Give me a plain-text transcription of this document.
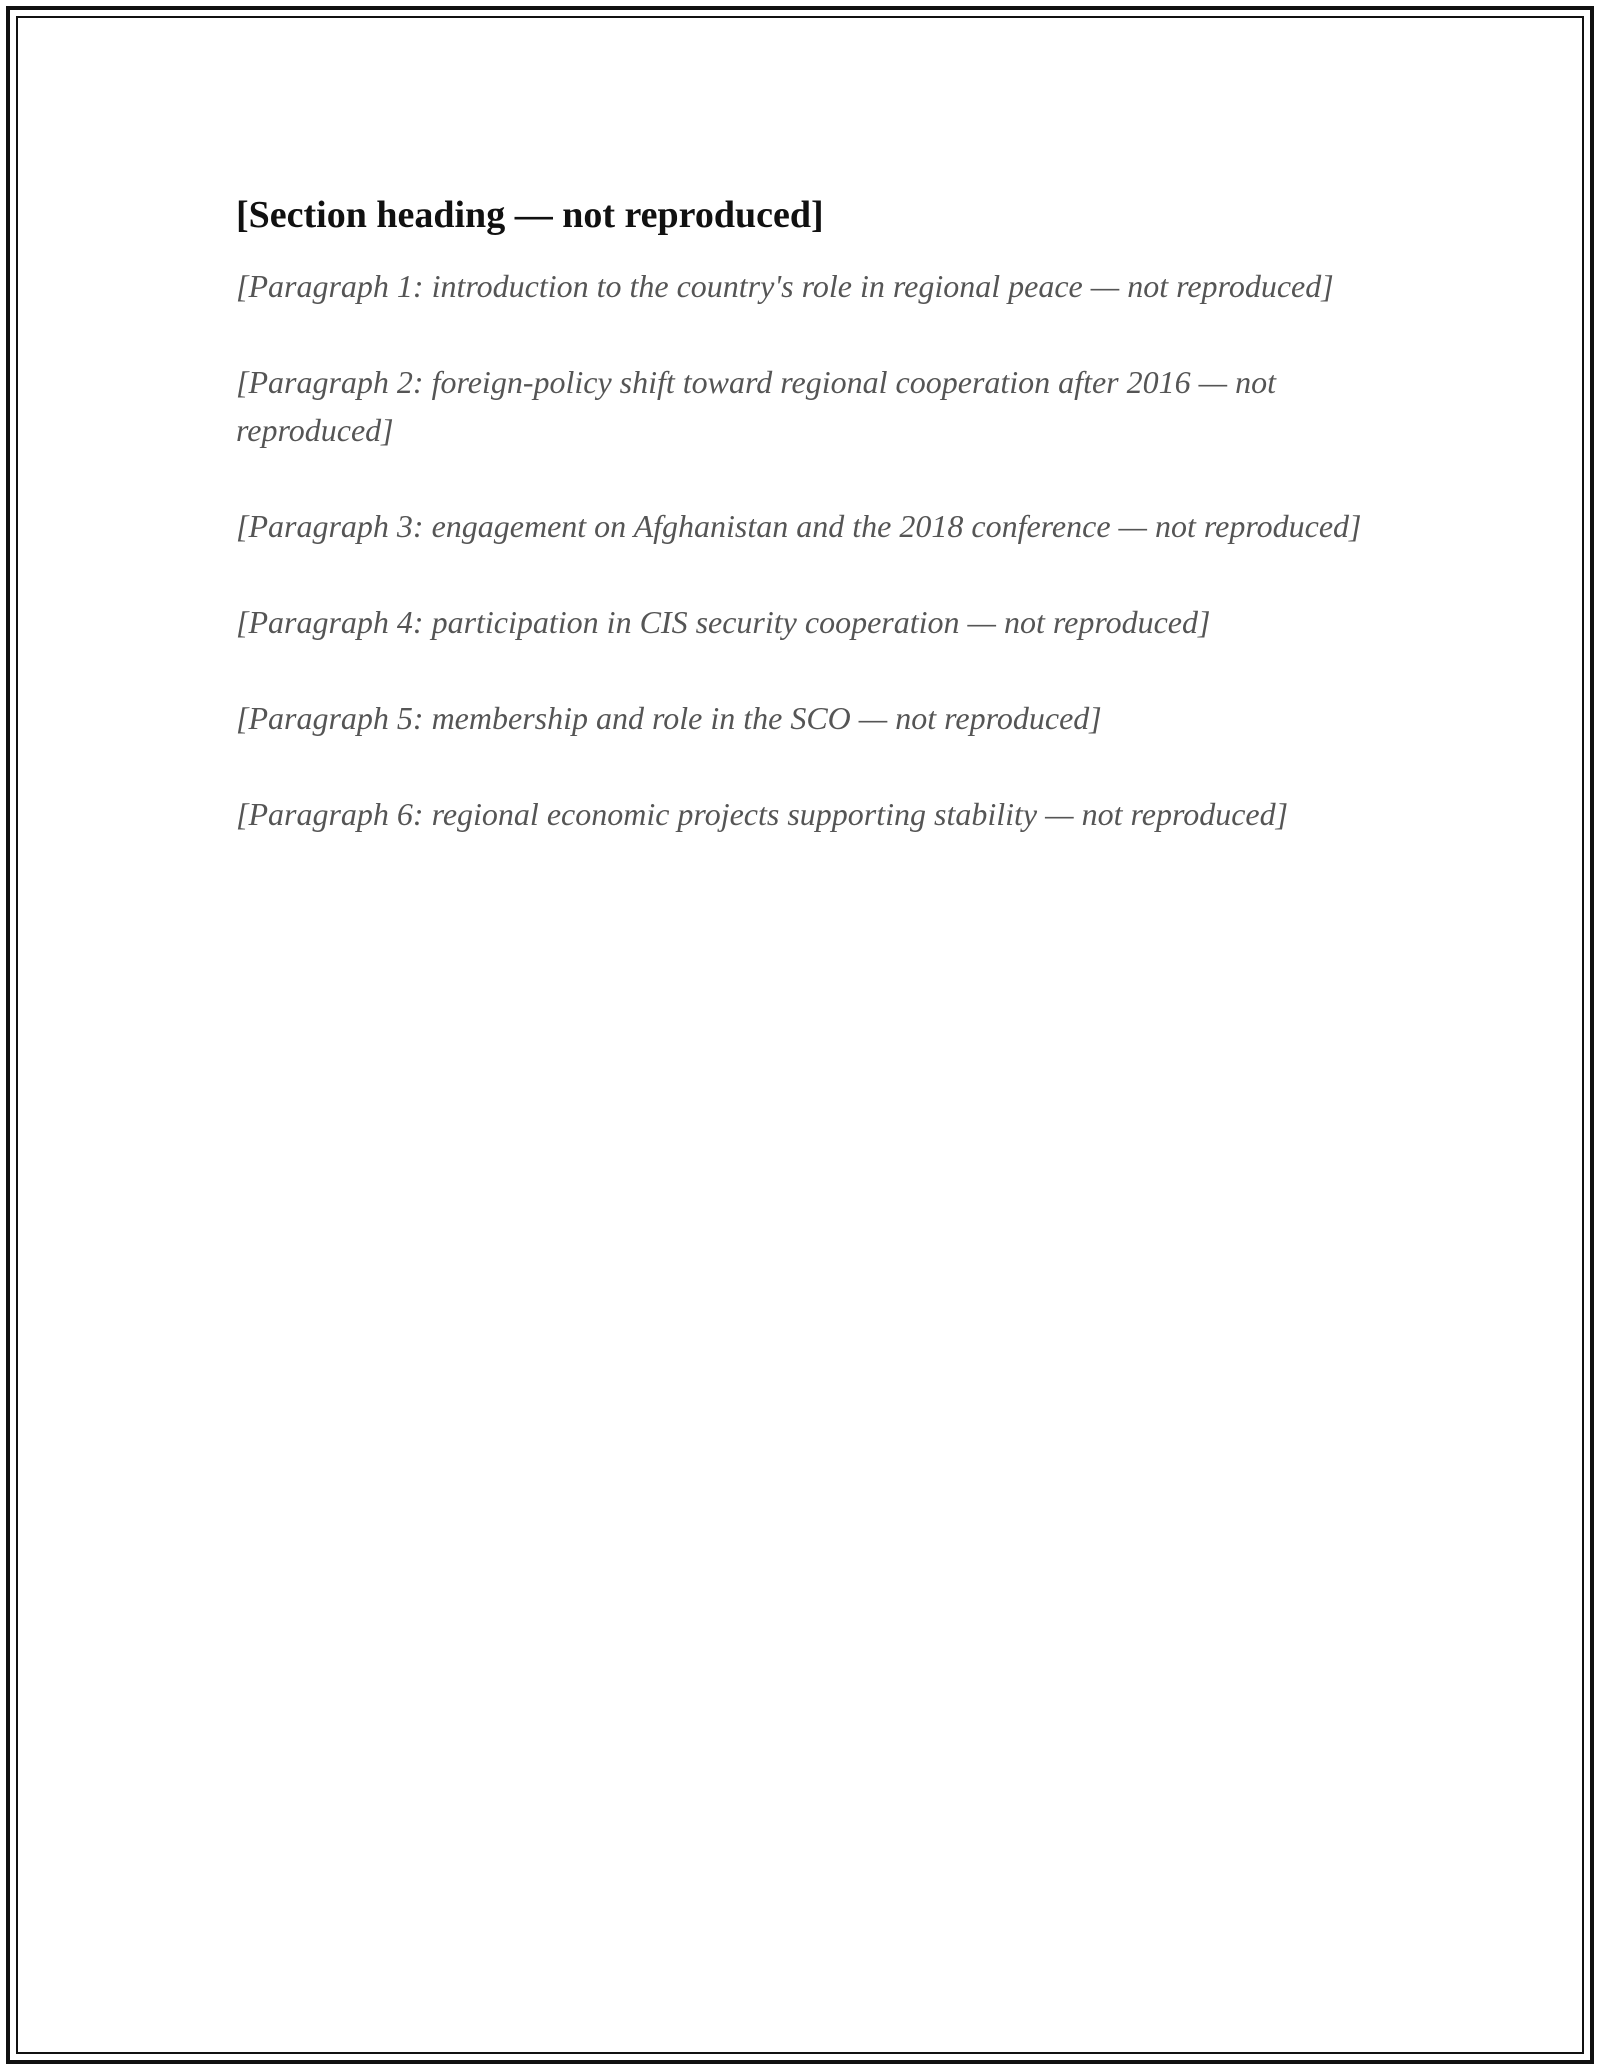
[Section heading — not reproduced]

[Paragraph 1: introduction to the country's role in regional peace — not reproduced]

[Paragraph 2: foreign-policy shift toward regional cooperation after 2016 — not reproduced]

[Paragraph 3: engagement on Afghanistan and the 2018 conference — not reproduced]

[Paragraph 4: participation in CIS security cooperation — not reproduced]

[Paragraph 5: membership and role in the SCO — not reproduced]

[Paragraph 6: regional economic projects supporting stability — not reproduced]
